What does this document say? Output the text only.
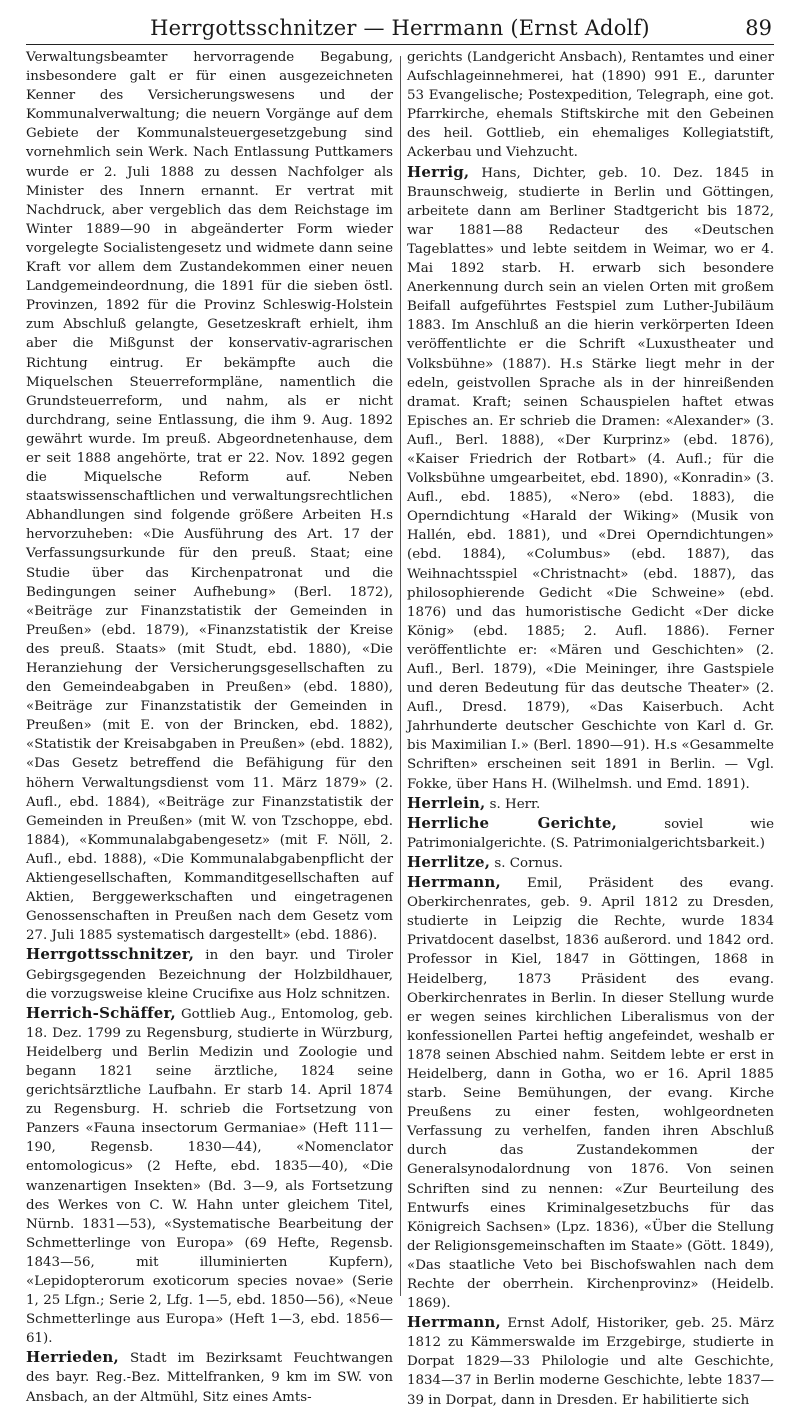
Herrgottsschnitzer — Herrmann (Ernst Adolf)	89

Verwaltungsbeamter hervorragende Begabung, insbesondere galt er für einen ausgezeichneten Kenner des Versicherungswesens und der Kommunalverwaltung; die neuern Vorgänge auf dem Gebiete der Kommunalsteuergesetzgebung sind vornehmlich sein Werk. Nach Entlassung Puttkamers wurde er 2. Juli 1888 zu dessen Nachfolger als Minister des Innern ernannt. Er vertrat mit Nachdruck, aber vergeblich das dem Reichstage im Winter 1889—90 in abgeänderter Form wieder vorgelegte Socialistengesetz und widmete dann seine Kraft vor allem dem Zustandekommen einer neuen Landgemeindeordnung, die 1891 für die sieben östl. Provinzen, 1892 für die Provinz Schleswig-Holstein zum Abschluß gelangte, Gesetzeskraft erhielt, ihm aber die Mißgunst der konservativ-agrarischen Richtung eintrug. Er bekämpfte auch die Miquelschen Steuerreformpläne, namentlich die Grundsteuerreform, und nahm, als er nicht durchdrang, seine Entlassung, die ihm 9. Aug. 1892 gewährt wurde. Im preuß. Abgeordnetenhause, dem er seit 1888 angehörte, trat er 22. Nov. 1892 gegen die Miquelsche Reform auf. Neben staatswissenschaftlichen und verwaltungsrechtlichen Abhandlungen sind folgende größere Arbeiten H.s hervorzuheben: «Die Ausführung des Art. 17 der Verfassungsurkunde für den preuß. Staat; eine Studie über das Kirchenpatronat und die Bedingungen seiner Aufhebung» (Berl. 1872), «Beiträge zur Finanzstatistik der Gemeinden in Preußen» (ebd. 1879), «Finanzstatistik der Kreise des preuß. Staats» (mit Studt, ebd. 1880), «Die Heranziehung der Versicherungsgesellschaften zu den Gemeindeabgaben in Preußen» (ebd. 1880), «Beiträge zur Finanzstatistik der Gemeinden in Preußen» (mit E. von der Brincken, ebd. 1882), «Statistik der Kreisabgaben in Preußen» (ebd. 1882), «Das Gesetz betreffend die Befähigung für den höhern Verwaltungsdienst vom 11. März 1879» (2. Aufl., ebd. 1884), «Beiträge zur Finanzstatistik der Gemeinden in Preußen» (mit W. von Tzschoppe, ebd. 1884), «Kommunalabgabengesetz» (mit F. Nöll, 2. Aufl., ebd. 1888), «Die Kommunalabgabenpflicht der Aktiengesellschaften, Kommanditgesellschaften auf Aktien, Berggewerkschaften und eingetragenen Genossenschaften in Preußen nach dem Gesetz vom 27. Juli 1885 systematisch dargestellt» (ebd. 1886).

Herrgottsschnitzer, in den bayr. und Tiroler Gebirgsgegenden Bezeichnung der Holzbildhauer, die vorzugsweise kleine Crucifixe aus Holz schnitzen.

Herrich-Schäffer, Gottlieb Aug., Entomolog, geb. 18. Dez. 1799 zu Regensburg, studierte in Würzburg, Heidelberg und Berlin Medizin und Zoologie und begann 1821 seine ärztliche, 1824 seine gerichtsärztliche Laufbahn. Er starb 14. April 1874 zu Regensburg. H. schrieb die Fortsetzung von Panzers «Fauna insectorum Germaniae» (Heft 111—190, Regensb. 1830—44), «Nomenclator entomologicus» (2 Hefte, ebd. 1835—40), «Die wanzenartigen Insekten» (Bd. 3—9, als Fortsetzung des Werkes von C. W. Hahn unter gleichem Titel, Nürnb. 1831—53), «Systematische Bearbeitung der Schmetterlinge von Europa» (69 Hefte, Regensb. 1843—56, mit illuminierten Kupfern), «Lepidopterorum exoticorum species novae» (Serie 1, 25 Lfgn.; Serie 2, Lfg. 1—5, ebd. 1850—56), «Neue Schmetterlinge aus Europa» (Heft 1—3, ebd. 1856—61).

Herrieden, Stadt im Bezirksamt Feuchtwangen des bayr. Reg.-Bez. Mittelfranken, 9 km im SW. von Ansbach, an der Altmühl, Sitz eines Amts-

gerichts (Landgericht Ansbach), Rentamtes und einer Aufschlageinnehmerei, hat (1890) 991 E., darunter 53 Evangelische; Postexpedition, Telegraph, eine got. Pfarrkirche, ehemals Stiftskirche mit den Gebeinen des heil. Gottlieb, ein ehemaliges Kollegiatstift, Ackerbau und Viehzucht.

Herrig, Hans, Dichter, geb. 10. Dez. 1845 in Braunschweig, studierte in Berlin und Göttingen, arbeitete dann am Berliner Stadtgericht bis 1872, war 1881—88 Redacteur des «Deutschen Tageblattes» und lebte seitdem in Weimar, wo er 4. Mai 1892 starb. H. erwarb sich besondere Anerkennung durch sein an vielen Orten mit großem Beifall aufgeführtes Festspiel zum Luther-Jubiläum 1883. Im Anschluß an die hierin verkörperten Ideen veröffentlichte er die Schrift «Luxustheater und Volksbühne» (1887). H.s Stärke liegt mehr in der edeln, geistvollen Sprache als in der hinreißenden dramat. Kraft; seinen Schauspielen haftet etwas Episches an. Er schrieb die Dramen: «Alexander» (3. Aufl., Berl. 1888), «Der Kurprinz» (ebd. 1876), «Kaiser Friedrich der Rotbart» (4. Aufl.; für die Volksbühne umgearbeitet, ebd. 1890), «Konradin» (3. Aufl., ebd. 1885), «Nero» (ebd. 1883), die Operndichtung «Harald der Wiking» (Musik von Hallén, ebd. 1881), und «Drei Operndichtungen» (ebd. 1884), «Columbus» (ebd. 1887), das Weihnachtsspiel «Christnacht» (ebd. 1887), das philosophierende Gedicht «Die Schweine» (ebd. 1876) und das humoristische Gedicht «Der dicke König» (ebd. 1885; 2. Aufl. 1886). Ferner veröffentlichte er: «Mären und Geschichten» (2. Aufl., Berl. 1879), «Die Meininger, ihre Gastspiele und deren Bedeutung für das deutsche Theater» (2. Aufl., Dresd. 1879), «Das Kaiserbuch. Acht Jahrhunderte deutscher Geschichte von Karl d. Gr. bis Maximilian I.» (Berl. 1890—91). H.s «Gesammelte Schriften» erscheinen seit 1891 in Berlin. — Vgl. Fokke, über Hans H. (Wilhelmsh. und Emd. 1891).

Herrlein, s. Herr.

Herrliche Gerichte, soviel wie Patrimonialgerichte. (S. Patrimonialgerichtsbarkeit.)

Herrlitze, s. Cornus.

Herrmann, Emil, Präsident des evang. Oberkirchenrates, geb. 9. April 1812 zu Dresden, studierte in Leipzig die Rechte, wurde 1834 Privatdocent daselbst, 1836 außerord. und 1842 ord. Professor in Kiel, 1847 in Göttingen, 1868 in Heidelberg, 1873 Präsident des evang. Oberkirchenrates in Berlin. In dieser Stellung wurde er wegen seines kirchlichen Liberalismus von der konfessionellen Partei heftig angefeindet, weshalb er 1878 seinen Abschied nahm. Seitdem lebte er erst in Heidelberg, dann in Gotha, wo er 16. April 1885 starb. Seine Bemühungen, der evang. Kirche Preußens zu einer festen, wohlgeordneten Verfassung zu verhelfen, fanden ihren Abschluß durch das Zustandekommen der Generalsynodalordnung von 1876. Von seinen Schriften sind zu nennen: «Zur Beurteilung des Entwurfs eines Kriminalgesetzbuchs für das Königreich Sachsen» (Lpz. 1836), «Über die Stellung der Religionsgemeinschaften im Staate» (Gött. 1849), «Das staatliche Veto bei Bischofswahlen nach dem Rechte der oberrhein. Kirchenprovinz» (Heidelb. 1869).

Herrmann, Ernst Adolf, Historiker, geb. 25. März 1812 zu Kämmerswalde im Erzgebirge, studierte in Dorpat 1829—33 Philologie und alte Geschichte, 1834—37 in Berlin moderne Geschichte, lebte 1837—39 in Dorpat, dann in Dresden. Er habilitierte sich
